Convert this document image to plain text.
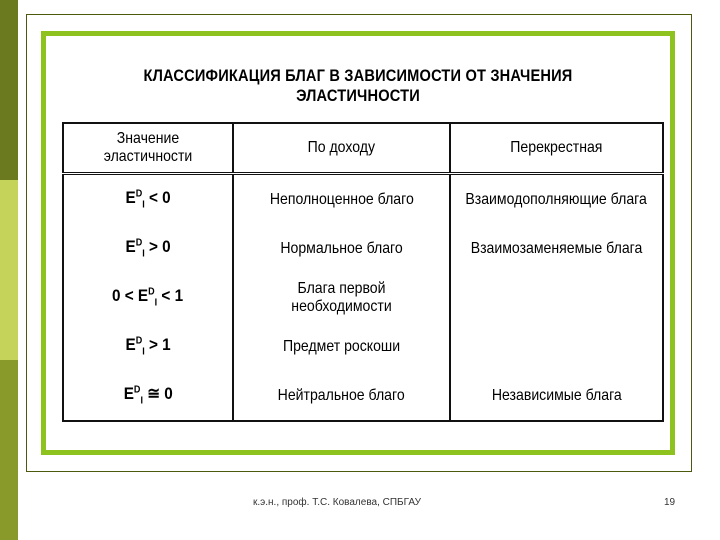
КЛАССИФИКАЦИЯ БЛАГ В ЗАВИСИМОСТИ ОТ ЗНАЧЕНИЯ ЭЛАСТИЧНОСТИ
Значение эластичности	По доходу	Перекрестная
$E^D_I < 0$	Неполноценное благо	Взаимодополняющие блага
$E^D_I > 0$	Нормальное благо	Взаимозаменяемые блага
$0 < E^D_I < 1$	Блага первой необходимости	
$E^D_I > 1$	Предмет роскоши	
$E^D_I$ ≅ 0	Нейтральное благо	Независимые блага
к.э.н., проф. Т.С. Ковалева, СПБГАУ	19
